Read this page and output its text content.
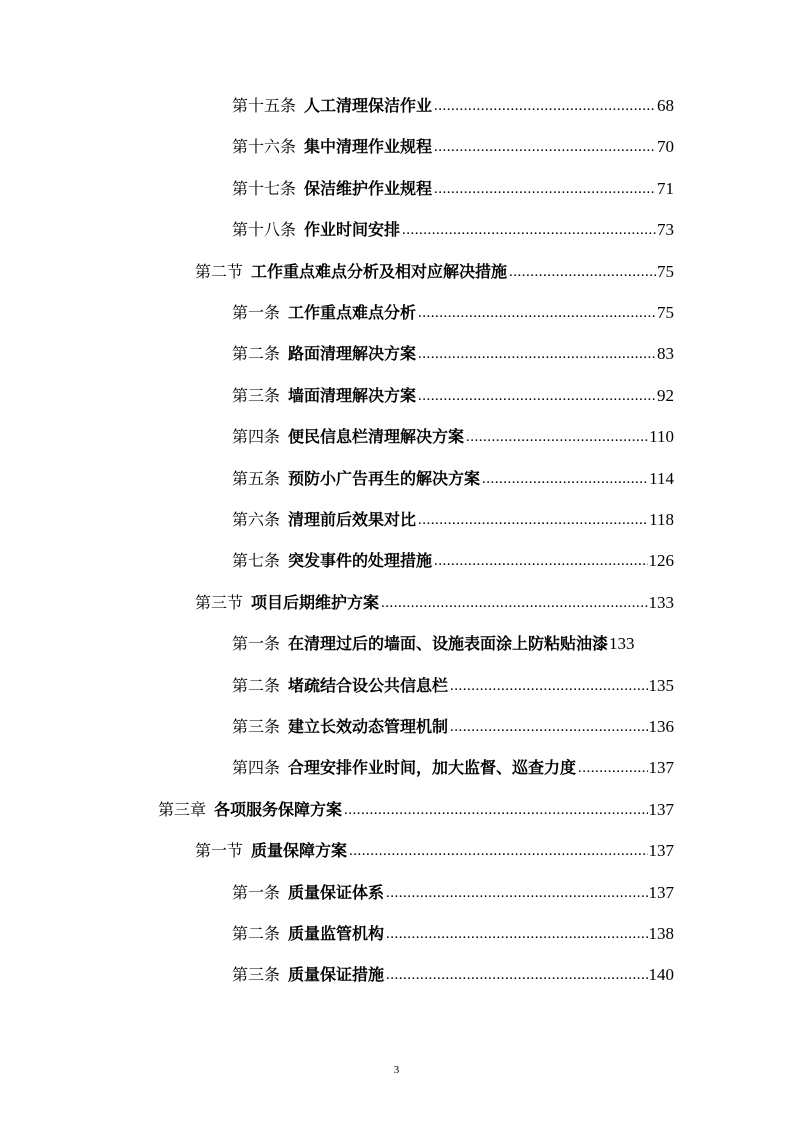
第十五条 人工清理保洁作业 .....	68
第十六条 集中清理作业规程 .....	70
第十七条 保洁维护作业规程 .....	71
第十八条 作业时间安排 .....	73
第二节 工作重点难点分析及相对应解决措施 .....	75
第一条 工作重点难点分析 .....	75
第二条 路面清理解决方案 .....	83
第三条 墙面清理解决方案 .....	92
第四条 便民信息栏清理解决方案 .....	110
第五条 预防小广告再生的解决方案 .....	114
第六条 清理前后效果对比 .....	118
第七条 突发事件的处理措施 .....	126
第三节 项目后期维护方案 .....	133
第一条 在清理过后的墙面、设施表面涂上防粘贴油漆 133
第二条 堵疏结合设公共信息栏 .....	135
第三条 建立长效动态管理机制 .....	136
第四条 合理安排作业时间，加大监督、巡查力度 .....	137
第三章 各项服务保障方案 .....	137
第一节 质量保障方案 .....	137
第一条 质量保证体系 .....	137
第二条 质量监管机构 .....	138
第三条 质量保证措施 .....	140
3
